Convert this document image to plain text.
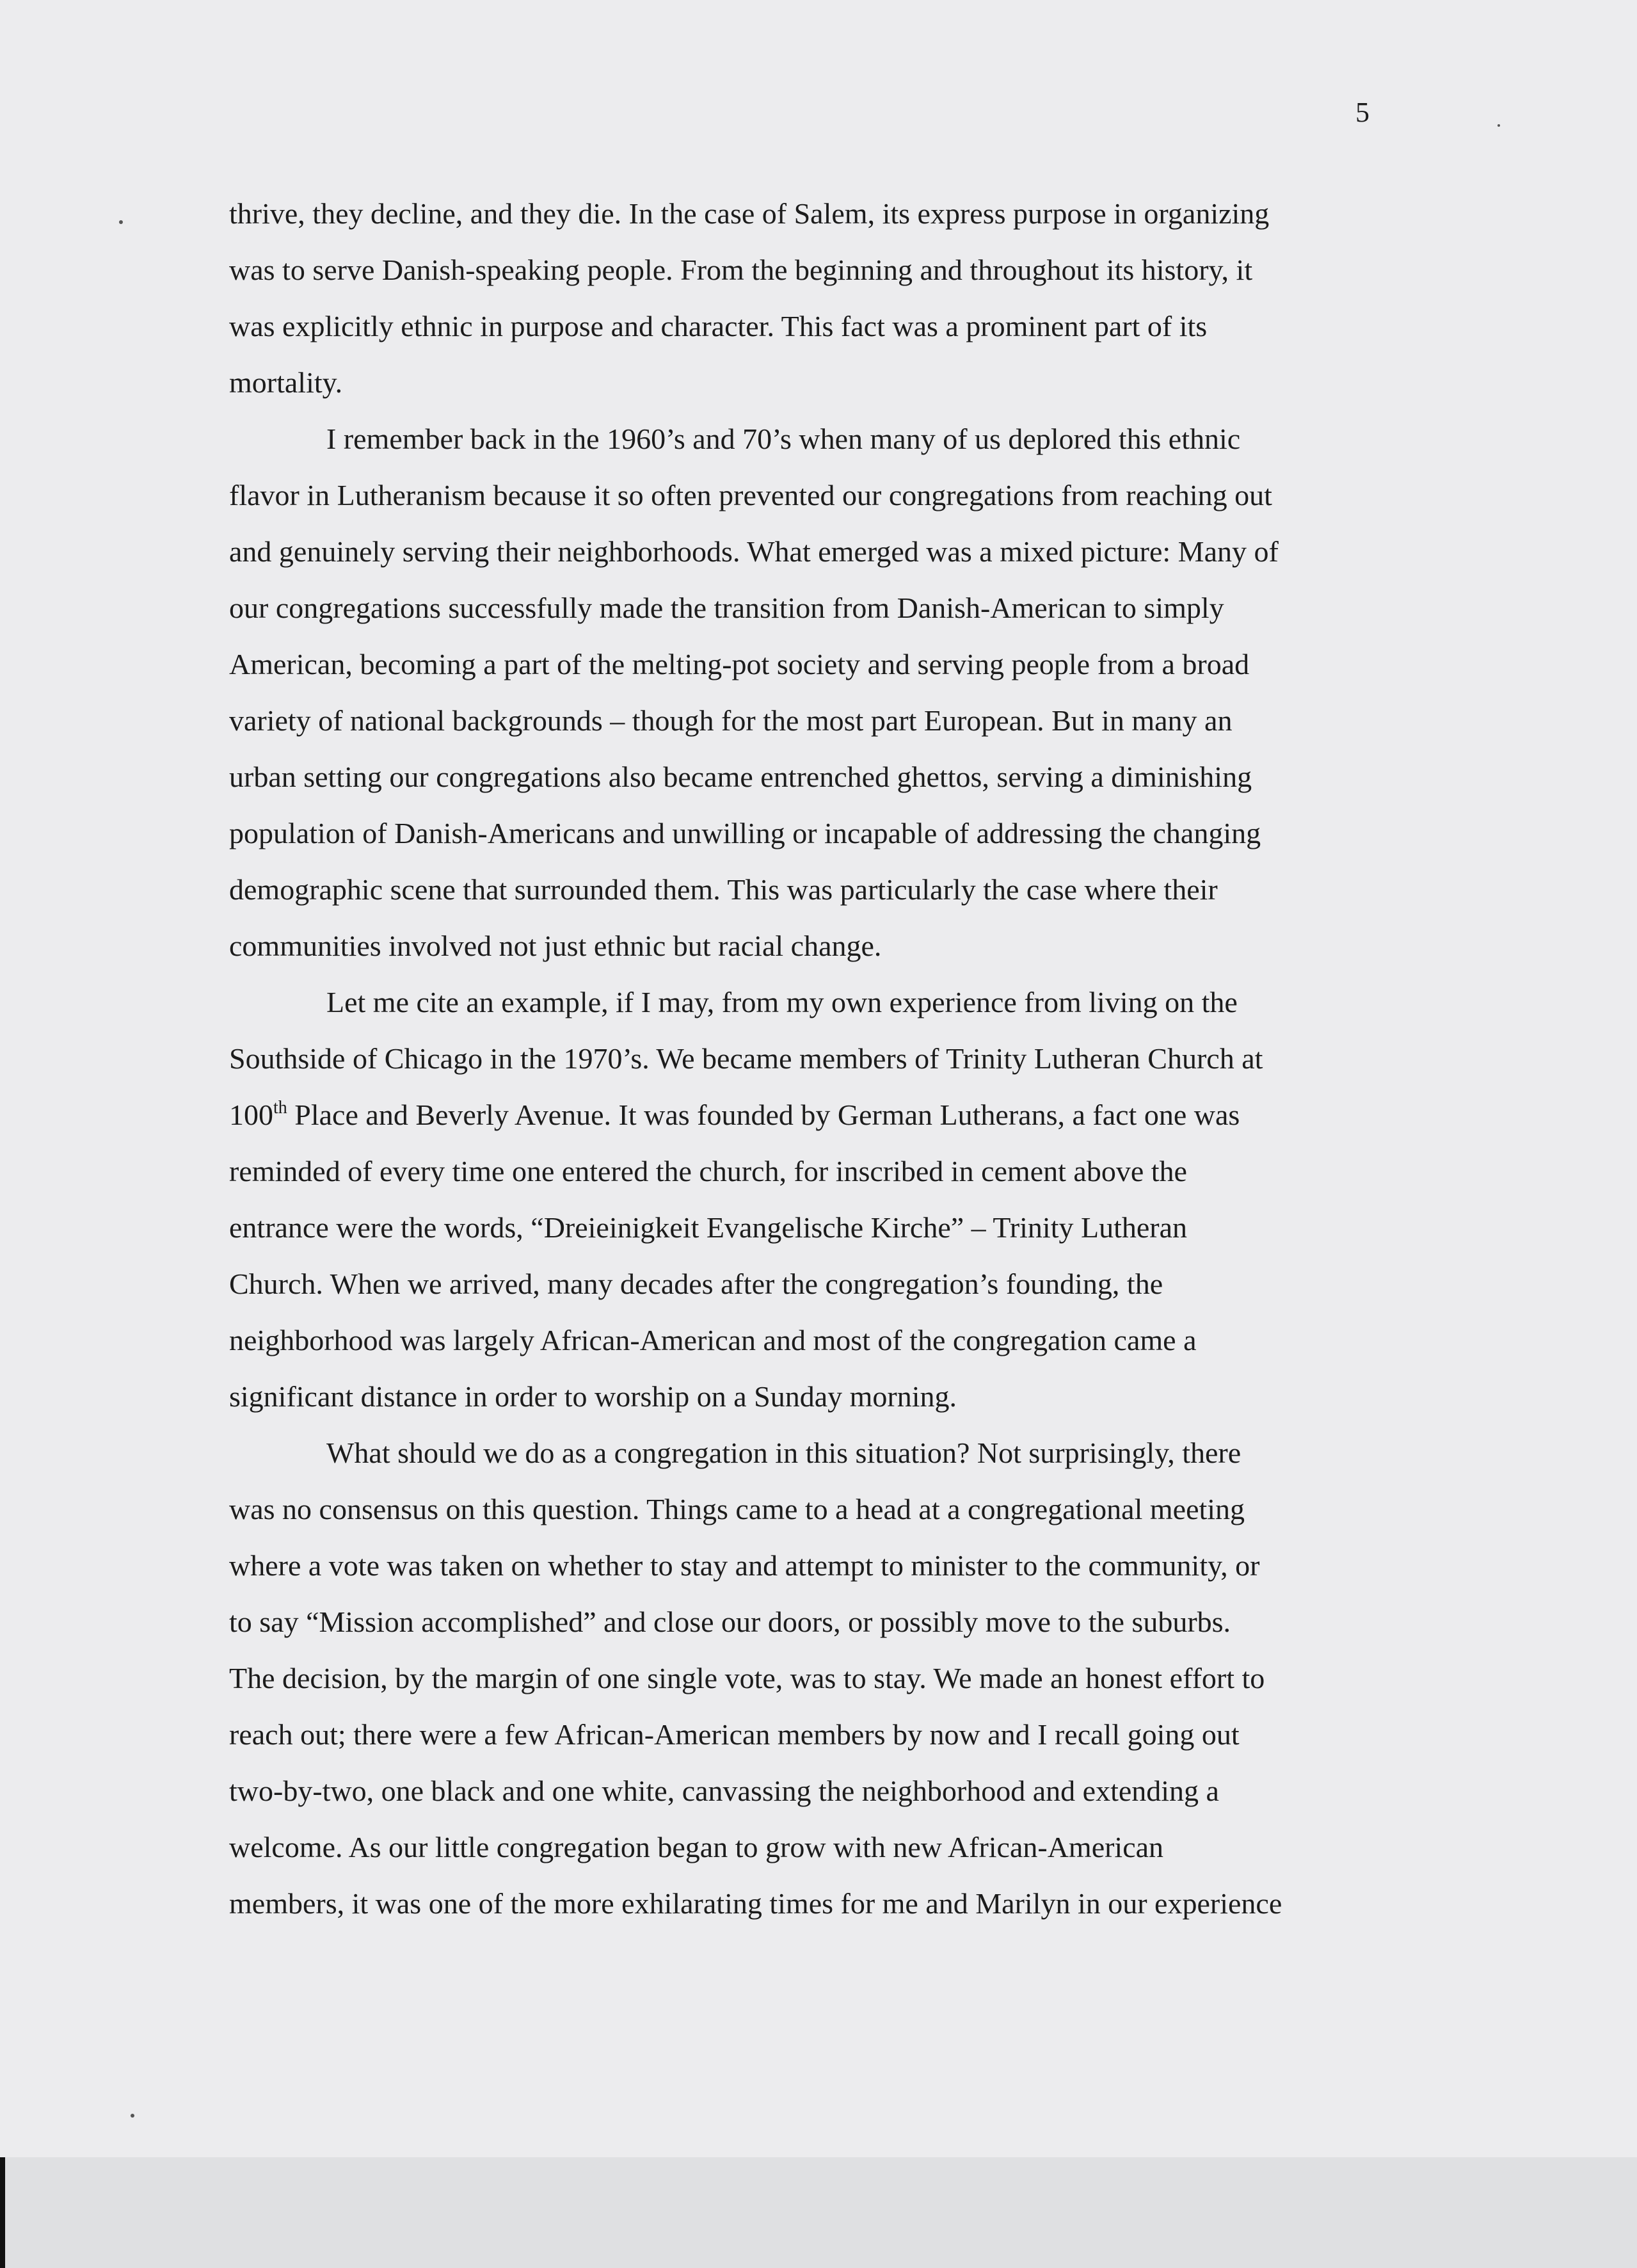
5
thrive, they decline, and they die. In the case of Salem, its express purpose in organizing
was to serve Danish-speaking people. From the beginning and throughout its history, it
was explicitly ethnic in purpose and character. This fact was a prominent part of its
mortality.
I remember back in the 1960’s and 70’s when many of us deplored this ethnic
flavor in Lutheranism because it so often prevented our congregations from reaching out
and genuinely serving their neighborhoods. What emerged was a mixed picture: Many of
our congregations successfully made the transition from Danish-American to simply
American, becoming a part of the melting-pot society and serving people from a broad
variety of national backgrounds – though for the most part European. But in many an
urban setting our congregations also became entrenched ghettos, serving a diminishing
population of Danish-Americans and unwilling or incapable of addressing the changing
demographic scene that surrounded them. This was particularly the case where their
communities involved not just ethnic but racial change.
Let me cite an example, if I may, from my own experience from living on the
Southside of Chicago in the 1970’s. We became members of Trinity Lutheran Church at
100th Place and Beverly Avenue. It was founded by German Lutherans, a fact one was
reminded of every time one entered the church, for inscribed in cement above the
entrance were the words, “Dreieinigkeit Evangelische Kirche” – Trinity Lutheran
Church. When we arrived, many decades after the congregation’s founding, the
neighborhood was largely African-American and most of the congregation came a
significant distance in order to worship on a Sunday morning.
What should we do as a congregation in this situation? Not surprisingly, there
was no consensus on this question. Things came to a head at a congregational meeting
where a vote was taken on whether to stay and attempt to minister to the community, or
to say “Mission accomplished” and close our doors, or possibly move to the suburbs.
The decision, by the margin of one single vote, was to stay. We made an honest effort to
reach out; there were a few African-American members by now and I recall going out
two-by-two, one black and one white, canvassing the neighborhood and extending a
welcome. As our little congregation began to grow with new African-American
members, it was one of the more exhilarating times for me and Marilyn in our experience
